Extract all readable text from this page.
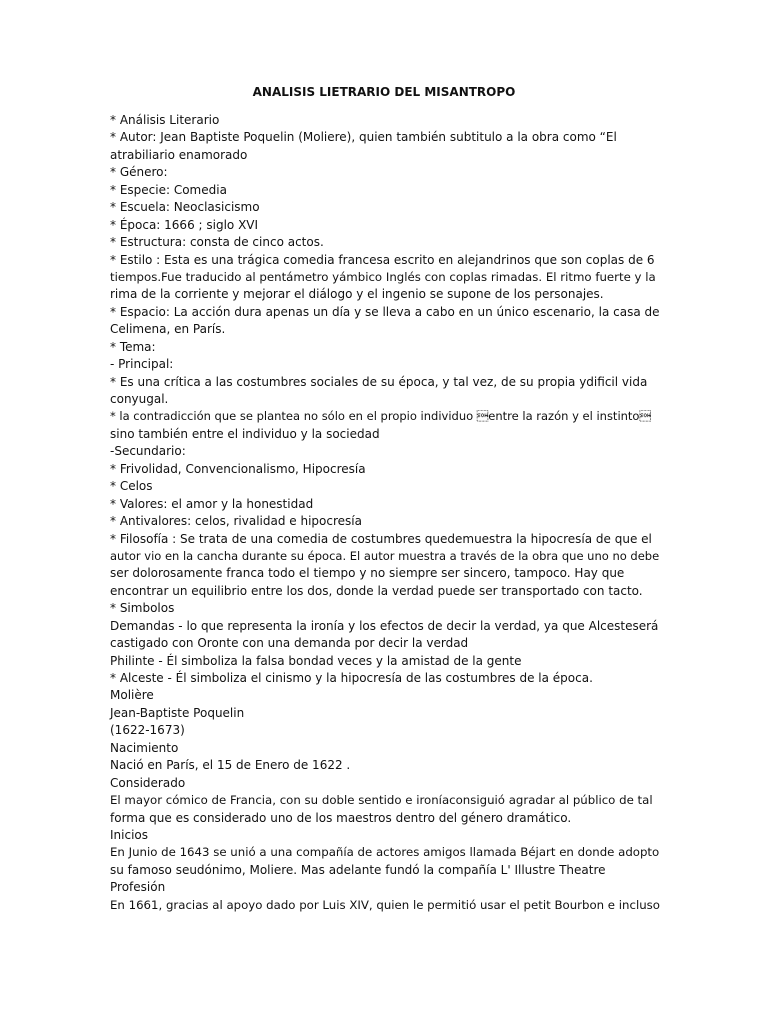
ANALISIS LIETRARIO DEL MISANTROPO
* Análisis Literario
* Autor: Jean Baptiste Poquelin (Moliere), quien también subtitulo a la obra como “El
atrabiliario enamorado
* Género:
* Especie: Comedia
* Escuela: Neoclasicismo
* Época: 1666 ; siglo XVI
* Estructura: consta de cinco actos.
* Estilo : Esta es una trágica comedia francesa escrito en alejandrinos que son coplas de 6
tiempos.Fue traducido al pentámetro yámbico Inglés con coplas rimadas. El ritmo fuerte y la
rima de la corriente y mejorar el diálogo y el ingenio se supone de los personajes.
* Espacio: La acción dura apenas un día y se lleva a cabo en un único escenario, la casa de
Celimena, en París.
* Tema:
- Principal:
* Es una crítica a las costumbres sociales de su época, y tal vez, de su propia ydificil vida
conyugal.
* la contradicción que se plantea no sólo en el propio individuo entre la razón y el instinto
sino también entre el individuo y la sociedad
-Secundario:
* Frivolidad, Convencionalismo, Hipocresía
* Celos
* Valores: el amor y la honestidad
* Antivalores: celos, rivalidad e hipocresía
* Filosofía : Se trata de una comedia de costumbres quedemuestra la hipocresía de que el
autor vio en la cancha durante su época. El autor muestra a través de la obra que uno no debe
ser dolorosamente franca todo el tiempo y no siempre ser sincero, tampoco. Hay que
encontrar un equilibrio entre los dos, donde la verdad puede ser transportado con tacto.
* Simbolos
Demandas - lo que representa la ironía y los efectos de decir la verdad, ya que Alcesteserá
castigado con Oronte con una demanda por decir la verdad
Philinte - Él simboliza la falsa bondad veces y la amistad de la gente
* Alceste - Él simboliza el cinismo y la hipocresía de las costumbres de la época.
Molière
Jean-Baptiste Poquelin
(1622-1673)
Nacimiento
Nació en París, el 15 de Enero de 1622 .
Considerado
El mayor cómico de Francia, con su doble sentido e ironíaconsiguió agradar al público de tal
forma que es considerado uno de los maestros dentro del género dramático.
Inicios
En Junio de 1643 se unió a una compañía de actores amigos llamada Béjart en donde adopto
su famoso seudónimo, Moliere. Mas adelante fundó la compañía L' Illustre Theatre
Profesión
En 1661, gracias al apoyo dado por Luis XIV, quien le permitió usar el petit Bourbon e incluso
